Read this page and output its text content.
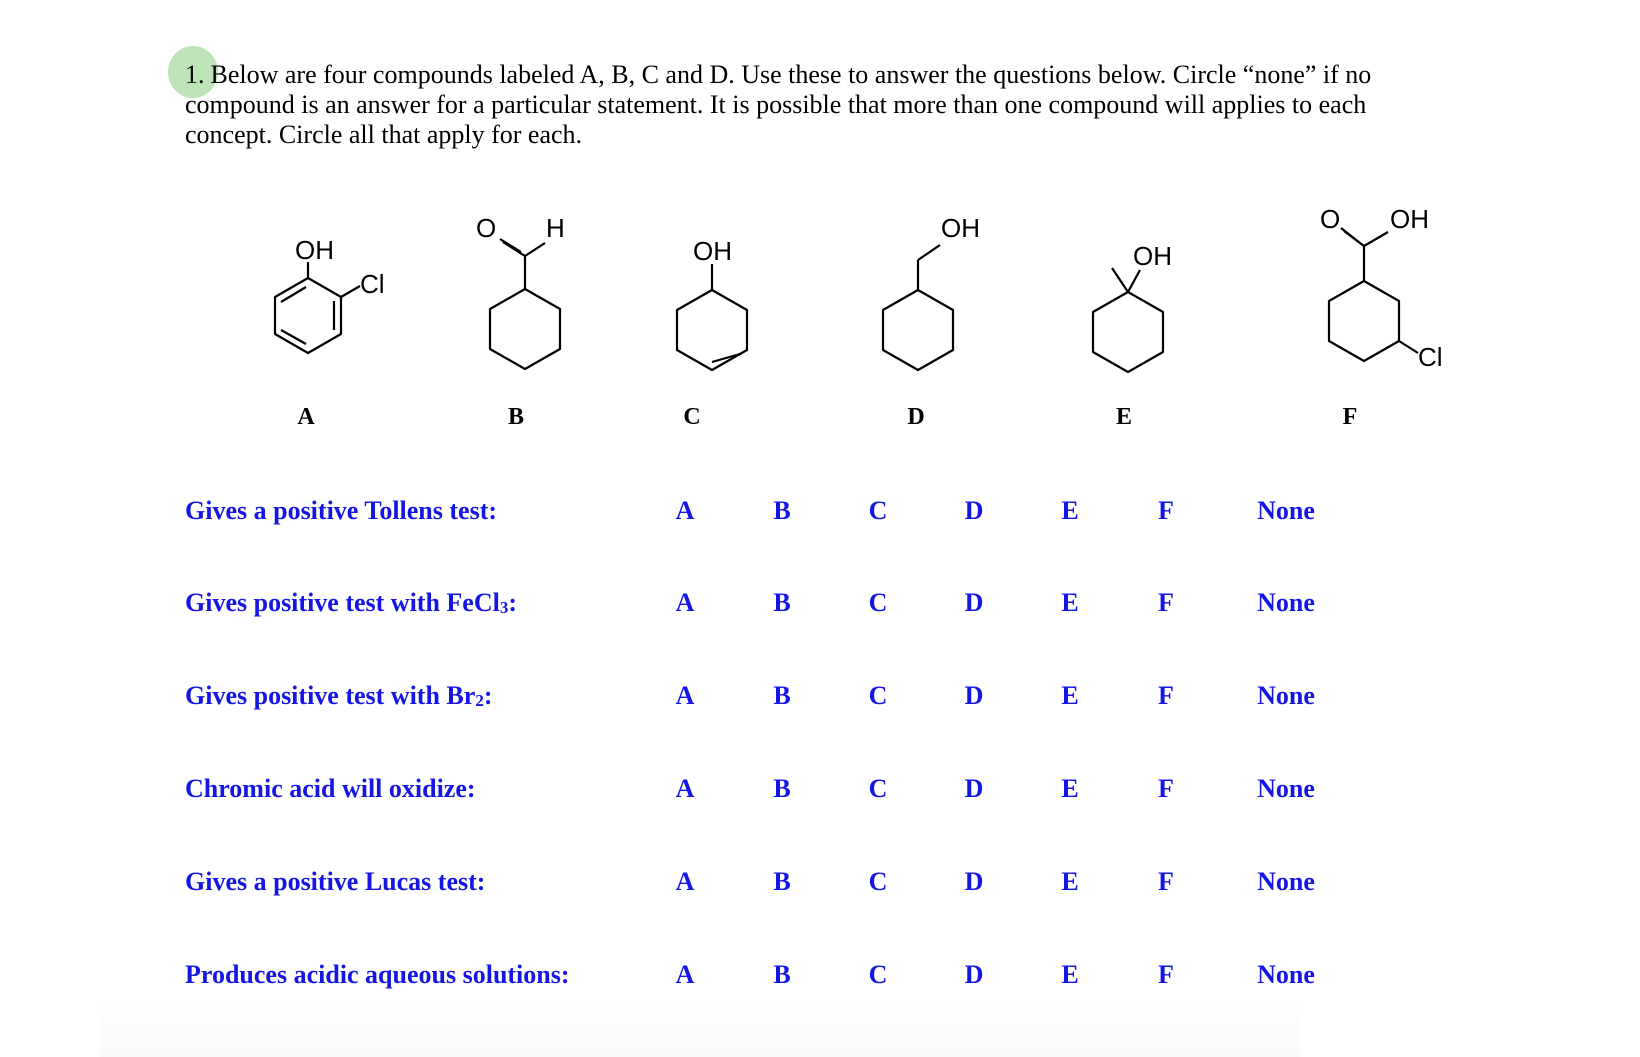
1. Below are four compounds labeled A, B, C and D. Use these to answer the questions below. Circle “none” if no compound is an answer for a particular statement. It is possible that more than one compound will applies to each concept. Circle all that apply for each.
OH
Cl
O H
OH
OH
OH
O OH
Cl
A	B	C	D	E	F
Gives a positive Tollens test:	A	B	C	D	E	F	None
Gives positive test with FeCl$_3$:	A	B	C	D	E	F	None
Gives positive test with $Br_2$:	A	B	C	D	E	F	None
Chromic acid will oxidize:	A	B	C	D	E	F	None
Gives a positive Lucas test:	A	B	C	D	E	F	None
Produces acidic aqueous solutions:	A	B	C	D	E	F	None
